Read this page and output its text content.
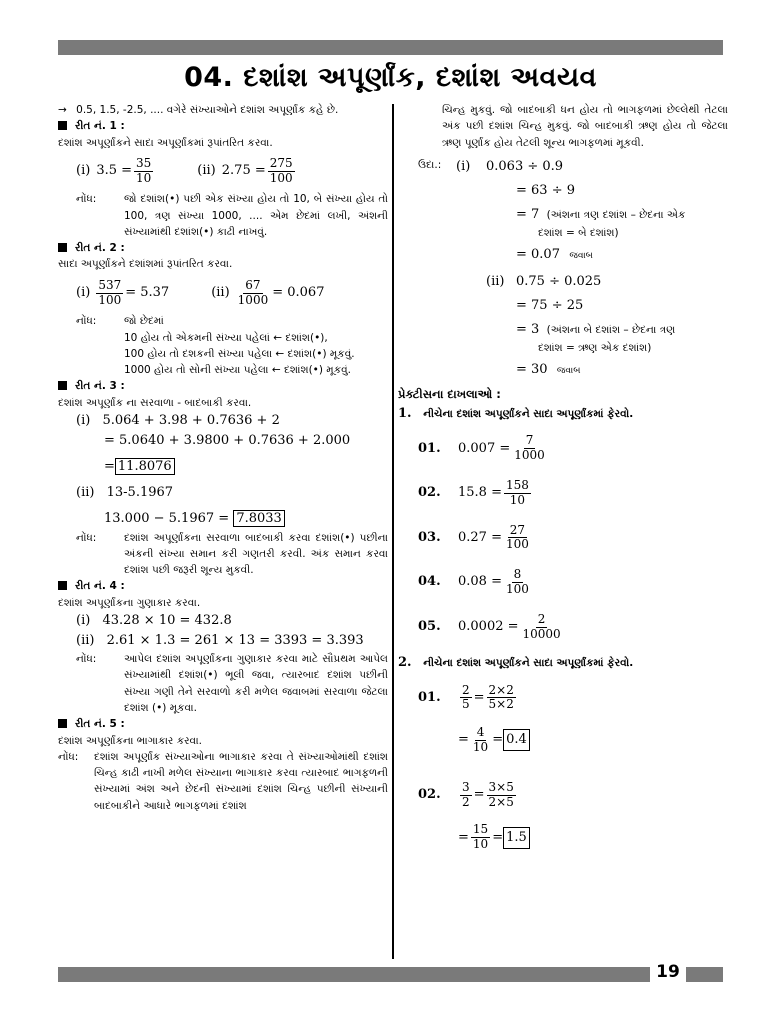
04. દશાંશ અપૂર્ણાંક, દશાંશ અવયવ
→ 0.5, 1.5, -2.5, .... વગેરે સંખ્યાઓને દશાંશ અપૂર્ણાંક કહે છે.
રીત નં. 1 :
દશાંશ અપૂર્ણાંકને સાદા અપૂર્ણાંકમાં રૂપાંતરિત કરવા.
(i) $3.5 = \frac{35}{10}$	(ii) $2.75 = \frac{275}{100}$
નોંધ:	જો દશાંશ(•) પછી એક સંખ્યા હોય તો 10, બે સંખ્યા હોય તો 100, ત્રણ સંખ્યા 1000, .... એમ છેદમાં લખી, અંશની સંખ્યામાંથી દશાંશ(•) કાઢી નાખવું.
રીત નં. 2 :
સાદા અપૂર્ણાંકને દશાંશમાં રૂપાંતરિત કરવા.
$(i) \frac{537}{100} = 5.37$	$(ii) \frac{67}{1000} = 0.067$
નોંધ:	જો છેદમાં
10 હોય તો એકમની સંખ્યા પહેલાં ← દશાંશ(•),
100 હોય તો દશકની સંખ્યા પહેલા ← દશાંશ(•) મૂકવું.
1000 હોય તો સોની સંખ્યા પહેલા ← દશાંશ(•) મૂકવું.
રીત નં. 3 :
દશાંશ અપૂર્ણાંક ના સરવાળા - બાદબાકી કરવા.
(i) 5.064 + 3.98 + 0.7636 + 2
= 5.0640 + 3.9800 + 0.7636 + 2.000
= 11.8076
(ii) 13-5.1967
13.000 − 5.1967 = 7.8033
નોંધ:	દશાંશ અપૂર્ણાંકના સરવાળા બાદબાકી કરવા દશાંશ(•) પછીના અંકની સંખ્યા સમાન કરી ગણતરી કરવી. અંક સમાન કરવા દશાંશ પછી જરૂરી શૂન્ય મુકવી.
રીત નં. 4 :
દશાંશ અપૂર્ણાંકના ગુણાકાર કરવા.
(i) 43.28 × 10 = 432.8
(ii) 2.61 × 1.3 = 261 × 13 = 3393 = 3.393
નોંધ:	આપેલ દશાંશ અપૂર્ણાંકના ગુણાકાર કરવા માટે સૌપ્રથમ આપેલ સંખ્યામાંથી દશાંશ(•) ભૂલી જવા, ત્યારબાદ દશાંશ પછીની સંખ્યા ગણી તેને સરવાળો કરી મળેલ જવાબમાં સરવાળા જેટલા દશાંશ (•) મૂકવા.
રીત નં. 5 :
દશાંશ અપૂર્ણાંકના ભાગાકાર કરવા.
નોંધ:	દશાંશ અપૂર્ણાંક સંખ્યાઓના ભાગાકાર કરવા તે સંખ્યાઓમાંથી દશાંશ ચિન્હ કાઢી નાખી મળેલ સંખ્યાના ભાગાકાર કરવા ત્યારબાદ ભાગફળની સંખ્યામાં અંશ અને છેદની સંખ્યામાં દશાંશ ચિન્હ પછીની સંખ્યાની બાદબાકીને આધારે ભાગફળમાં દશાંશ
ચિન્હ મુકવું. જો બાદબાકી ધન હોય તો ભાગફળમાં છેલ્લેથી તેટલા અંક પછી દશાંશ ચિન્હ મુકવું. જો બાદબાકી ઋણ હોય તો જેટલા ઋણ પૂર્ણાંક હોય તેટલી શૂન્ય ભાગફળમાં મૂકવી.
ઉદા.:	(i)	0.063 ÷ 0.9
= 63 ÷ 9
= 7 (અંશના ત્રણ દશાંશ – છેદના એક
દશાંશ = બે દશાંશ)
= 0.07 જવાબ
(ii) 0.75 ÷ 0.025
= 75 ÷ 25
= 3 (અંશના બે દશાંશ – છેદના ત્રણ
દશાંશ = ઋણ એક દશાંશ)
= 30 જવાબ
પ્રેક્ટીસના દાખલાઓ :
1. નીચેના દશાંશ અપૂર્ણાંકને સાદા અપૂર્ણાંકમાં ફેરવો.
01.	$0.007 = \frac{7}{1000}$
02.	$15.8 = \frac{158}{10}$
03.	$0.27 = \frac{27}{100}$
04.	$0.08 = \frac{8}{100}$
05.	$0.0002 = \frac{2}{10000}$
2. નીચેના દશાંશ અપૂર્ણાંકને સાદા અપૂર્ણાંકમાં ફેરવો.
01.	$\frac{2}{5} = \frac{2\times 2}{5\times 2}$
= $\frac{4}{10} = 0.4$
02.	$\frac{3}{2} = \frac{3\times 5}{2\times 5}$
= $\frac{15}{10} = 1.5$
19
